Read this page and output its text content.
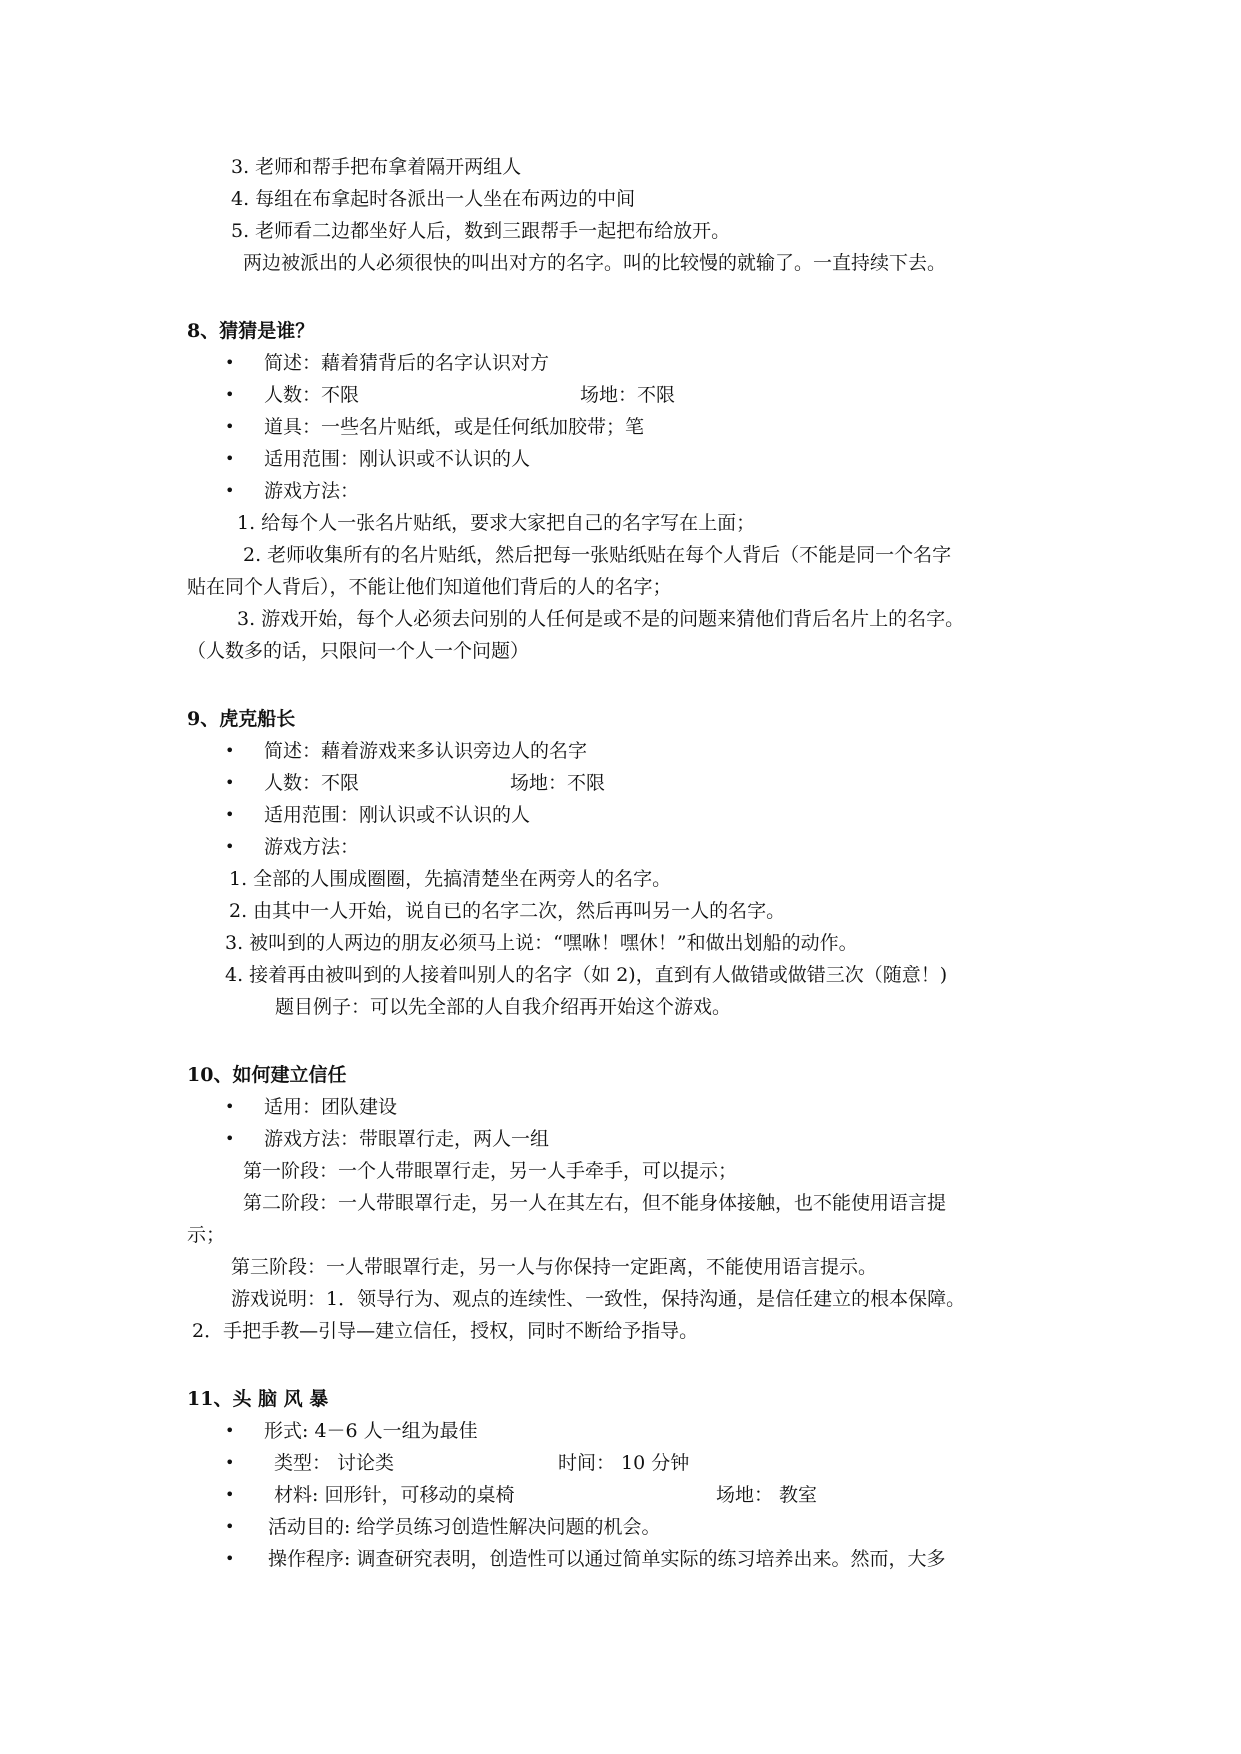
3. 老师和帮手把布拿着隔开两组人
4. 每组在布拿起时各派出一人坐在布两边的中间
5. 老师看二边都坐好人后，数到三跟帮手一起把布给放开。
两边被派出的人必须很快的叫出对方的名字。叫的比较慢的就输了。一直持续下去。
8、猜猜是谁？
• 简述：藉着猜背后的名字认识对方
• 人数：不限	场地：不限
• 道具：一些名片贴纸，或是任何纸加胶带；笔
• 适用范围：刚认识或不认识的人
• 游戏方法：
1. 给每个人一张名片贴纸，要求大家把自己的名字写在上面；
2. 老师收集所有的名片贴纸，然后把每一张贴纸贴在每个人背后（不能是同一个名字
贴在同个人背后），不能让他们知道他们背后的人的名字；
3. 游戏开始，每个人必须去问别的人任何是或不是的问题来猜他们背后名片上的名字。
（人数多的话，只限问一个人一个问题）
9、虎克船长
• 简述：藉着游戏来多认识旁边人的名字
• 人数：不限	场地：不限
• 适用范围：刚认识或不认识的人
• 游戏方法：
1. 全部的人围成圈圈，先搞清楚坐在两旁人的名字。
2. 由其中一人开始，说自已的名字二次，然后再叫另一人的名字。
3. 被叫到的人两边的朋友必须马上说：“嘿咻！嘿休！”和做出划船的动作。
4. 接着再由被叫到的人接着叫别人的名字（如 2)，直到有人做错或做错三次（随意！)
题目例子：可以先全部的人自我介绍再开始这个游戏。
10、如何建立信任
• 适用：团队建设
• 游戏方法：带眼罩行走，两人一组
第一阶段：一个人带眼罩行走，另一人手牵手，可以提示；
第二阶段：一人带眼罩行走，另一人在其左右，但不能身体接触，也不能使用语言提
示；
第三阶段：一人带眼罩行走，另一人与你保持一定距离，不能使用语言提示。
游戏说明：1．领导行为、观点的连续性、一致性，保持沟通，是信任建立的根本保障。
2．手把手教—引导—建立信任，授权，同时不断给予指导。
11、头 脑 风 暴
• 形式: 4－6 人一组为最佳
• 类型： 讨论类	时间： 10 分钟
• 材料: 回形针，可移动的桌椅	场地： 教室
• 活动目的: 给学员练习创造性解决问题的机会。
• 操作程序: 调查研究表明，创造性可以通过简单实际的练习培养出来。然而，大多
